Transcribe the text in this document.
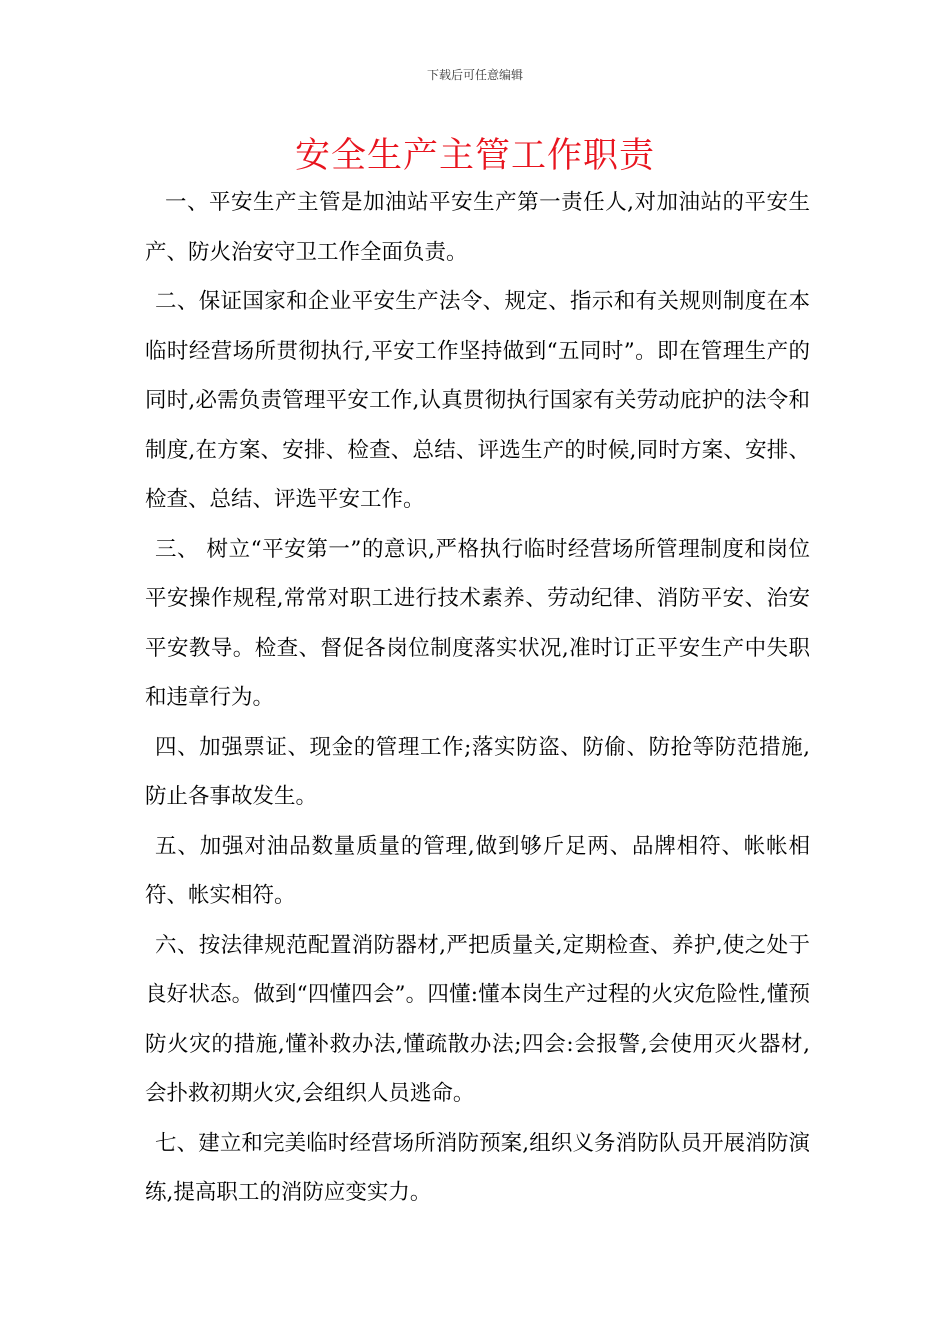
下载后可任意编辑
安全生产主管工作职责

一、平安生产主管是加油站平安生产第一责任人,对加油站的平安生产、防火治安守卫工作全面负责。

二、保证国家和企业平安生产法令、规定、指示和有关规则制度在本临时经营场所贯彻执行,平安工作坚持做到“五同时”。即在管理生产的同时,必需负责管理平安工作,认真贯彻执行国家有关劳动庇护的法令和制度,在方案、安排、检查、总结、评选生产的时候,同时方案、安排、检查、总结、评选平安工作。

三、 树立“平安第一”的意识,严格执行临时经营场所管理制度和岗位平安操作规程,常常对职工进行技术素养、劳动纪律、消防平安、治安平安教导。检查、督促各岗位制度落实状况,准时订正平安生产中失职和违章行为。

四、加强票证、现金的管理工作;落实防盗、防偷、防抢等防范措施,防止各事故发生。

五、加强对油品数量质量的管理,做到够斤足两、品牌相符、帐帐相符、帐实相符。

六、按法律规范配置消防器材,严把质量关,定期检查、养护,使之处于良好状态。做到“四懂四会”。四懂:懂本岗生产过程的火灾危险性,懂预防火灾的措施,懂补救办法,懂疏散办法;四会:会报警,会使用灭火器材,会扑救初期火灾,会组织人员逃命。

七、建立和完美临时经营场所消防预案,组织义务消防队员开展消防演练,提高职工的消防应变实力。
